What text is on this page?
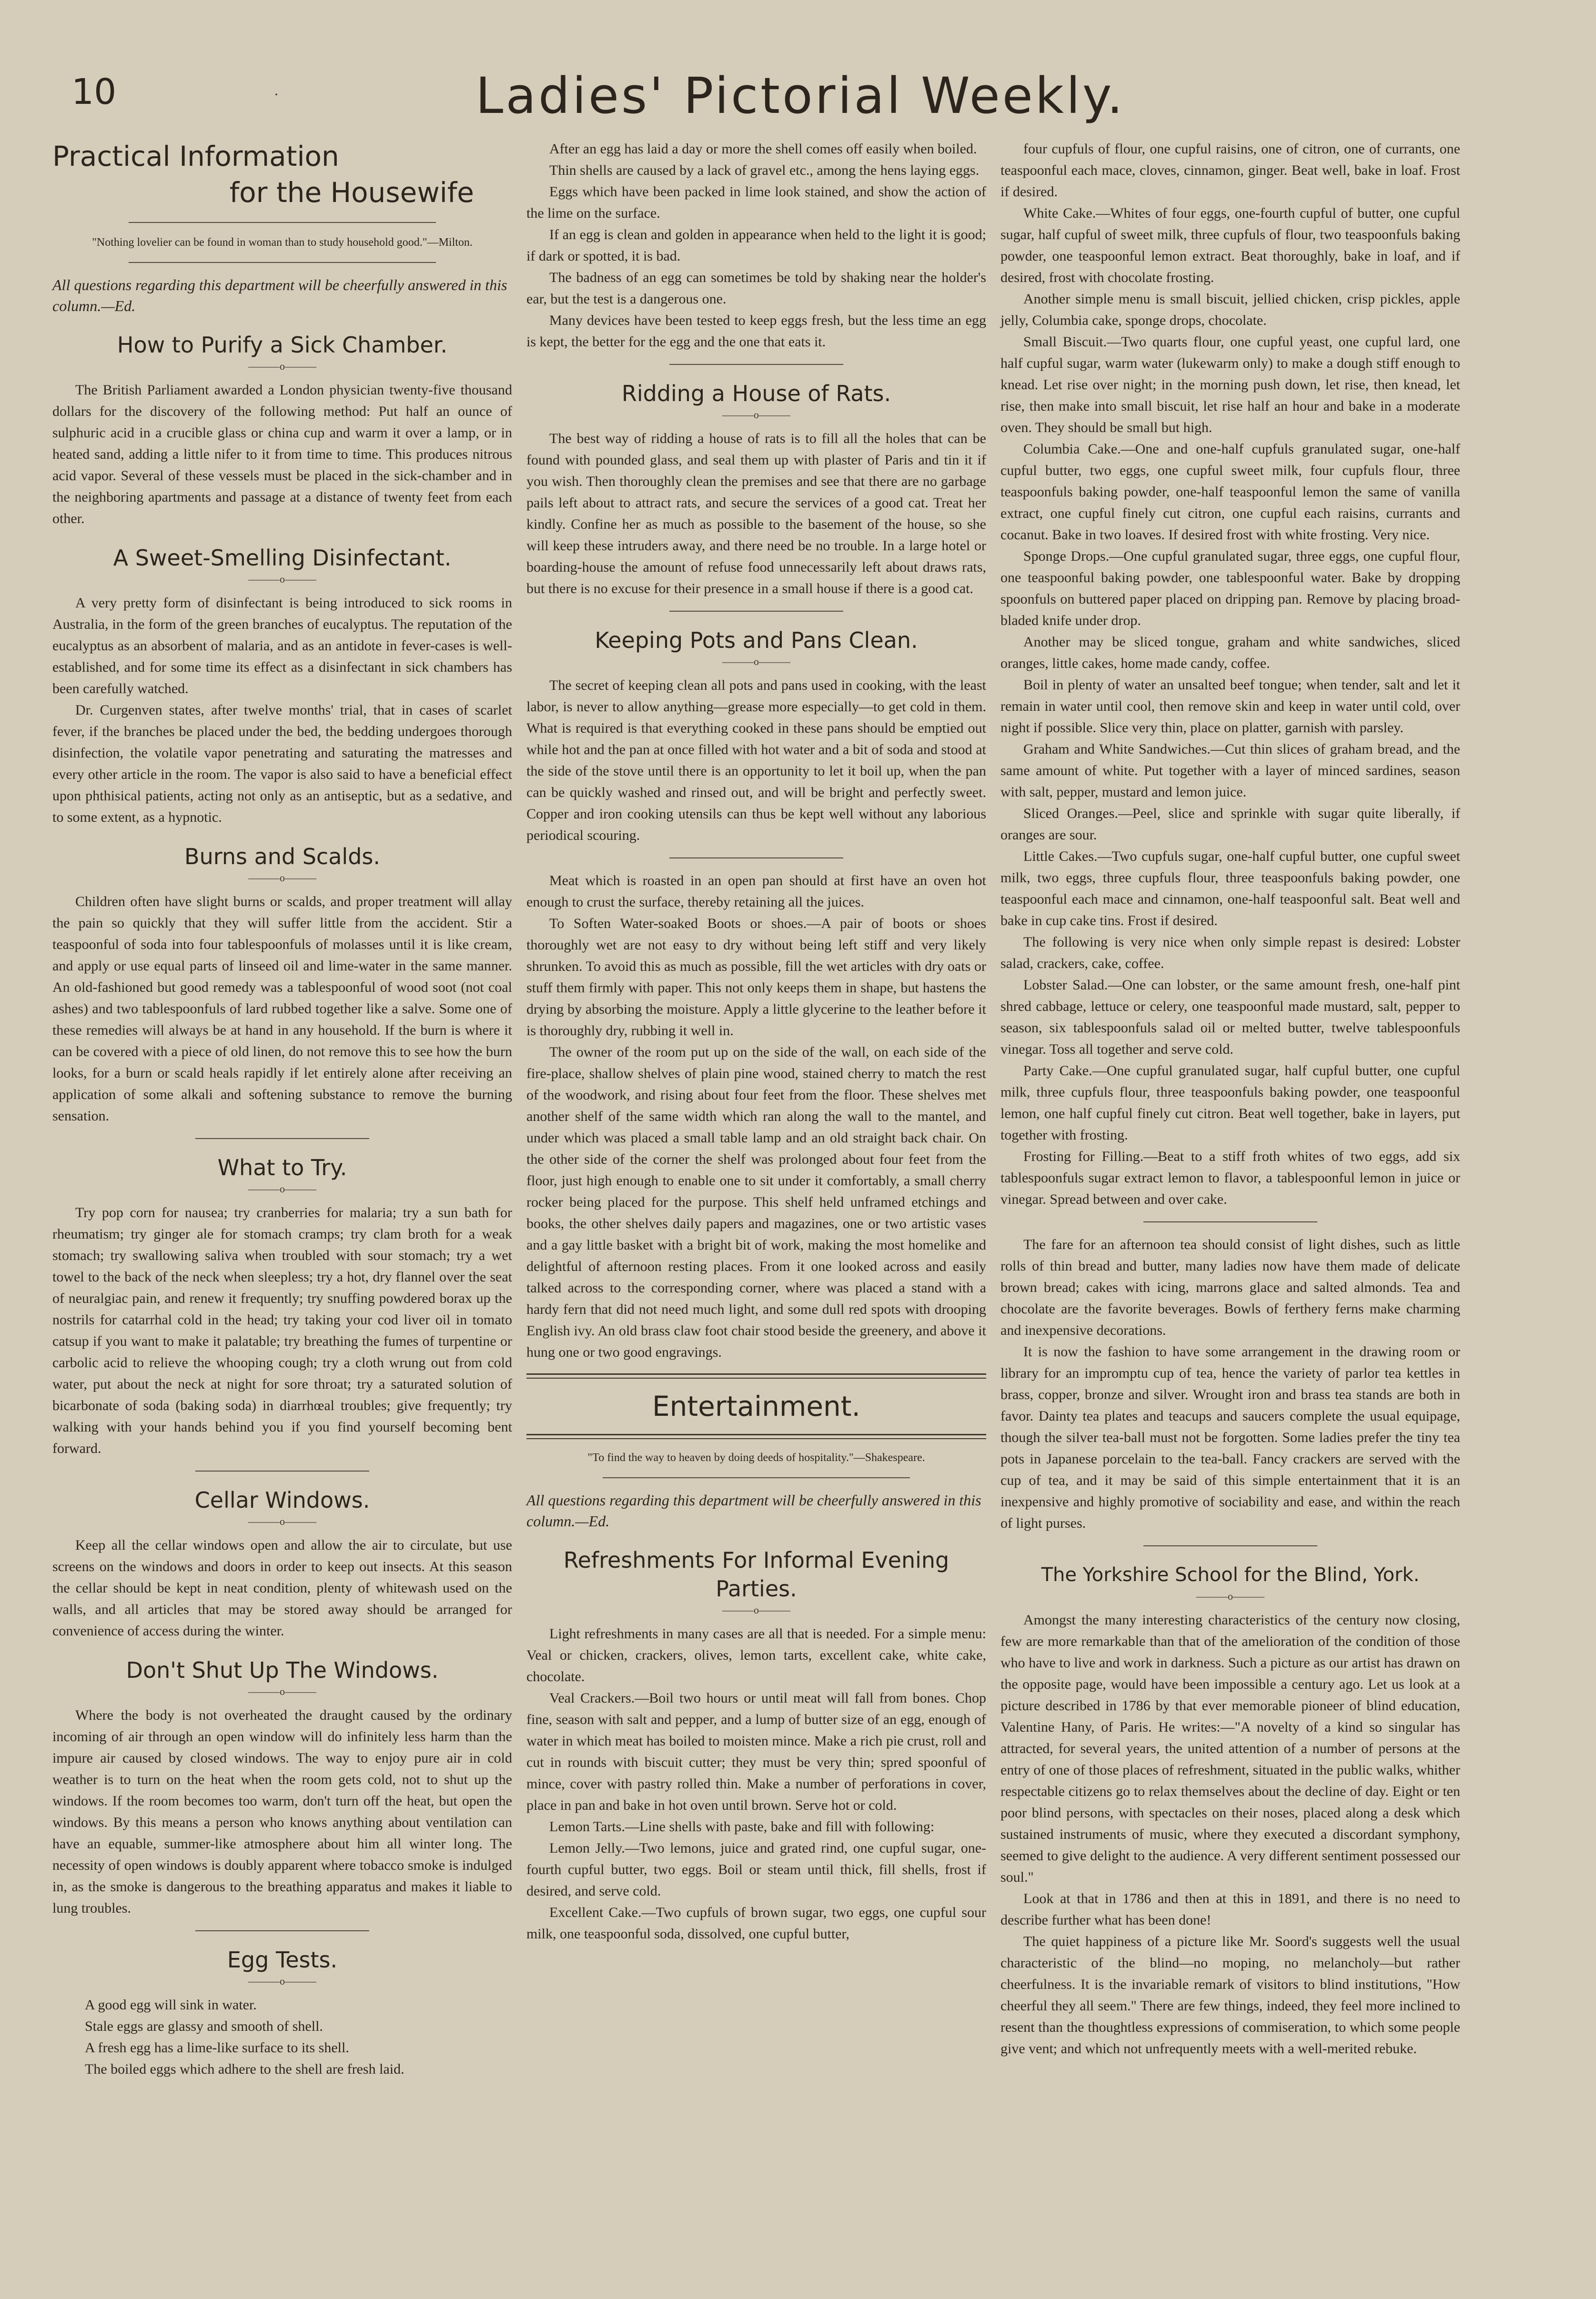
10	·	Ladies' Pictorial Weekly.
Practical Information
for the Housewife
"Nothing lovelier can be found in woman than to study household good."—Milton.
All questions regarding this department will be cheerfully answered in this column.—Ed.
How to Purify a Sick Chamber.
———o———

The British Parliament awarded a London physician twenty-five thousand dollars for the discovery of the following method: Put half an ounce of sulphuric acid in a crucible glass or china cup and warm it over a lamp, or in heated sand, adding a little nifer to it from time to time. This produces nitrous acid vapor. Several of these vessels must be placed in the sick-chamber and in the neighboring apartments and passage at a distance of twenty feet from each other.

A Sweet-Smelling Disinfectant.
———o———

A very pretty form of disinfectant is being introduced to sick rooms in Australia, in the form of the green branches of eucalyptus. The reputation of the eucalyptus as an absorbent of malaria, and as an antidote in fever-cases is well-established, and for some time its effect as a disinfectant in sick chambers has been carefully watched.

Dr. Curgenven states, after twelve months' trial, that in cases of scarlet fever, if the branches be placed under the bed, the bedding undergoes thorough disinfection, the volatile vapor penetrating and saturating the matresses and every other article in the room. The vapor is also said to have a beneficial effect upon phthisical patients, acting not only as an antiseptic, but as a sedative, and to some extent, as a hypnotic.

Burns and Scalds.
———o———

Children often have slight burns or scalds, and proper treatment will allay the pain so quickly that they will suffer little from the accident. Stir a teaspoonful of soda into four tablespoonfuls of molasses until it is like cream, and apply or use equal parts of linseed oil and lime-water in the same manner. An old-fashioned but good remedy was a tablespoonful of wood soot (not coal ashes) and two tablespoonfuls of lard rubbed together like a salve. Some one of these remedies will always be at hand in any household. If the burn is where it can be covered with a piece of old linen, do not remove this to see how the burn looks, for a burn or scald heals rapidly if let entirely alone after receiving an application of some alkali and softening substance to remove the burning sensation.

What to Try.
———o———

Try pop corn for nausea; try cranberries for malaria; try a sun bath for rheumatism; try ginger ale for stomach cramps; try clam broth for a weak stomach; try swallowing saliva when troubled with sour stomach; try a wet towel to the back of the neck when sleepless; try a hot, dry flannel over the seat of neuralgiac pain, and renew it frequently; try snuffing powdered borax up the nostrils for catarrhal cold in the head; try taking your cod liver oil in tomato catsup if you want to make it palatable; try breathing the fumes of turpentine or carbolic acid to relieve the whooping cough; try a cloth wrung out from cold water, put about the neck at night for sore throat; try a saturated solution of bicarbonate of soda (baking soda) in diarrhœal troubles; give frequently; try walking with your hands behind you if you find yourself becoming bent forward.

Cellar Windows.
———o———

Keep all the cellar windows open and allow the air to circulate, but use screens on the windows and doors in order to keep out insects. At this season the cellar should be kept in neat condition, plenty of whitewash used on the walls, and all articles that may be stored away should be arranged for convenience of access during the winter.

Don't Shut Up The Windows.
———o———

Where the body is not overheated the draught caused by the ordinary incoming of air through an open window will do infinitely less harm than the impure air caused by closed windows. The way to enjoy pure air in cold weather is to turn on the heat when the room gets cold, not to shut up the windows. If the room becomes too warm, don't turn off the heat, but open the windows. By this means a person who knows anything about ventilation can have an equable, summer-like atmosphere about him all winter long. The necessity of open windows is doubly apparent where tobacco smoke is indulged in, as the smoke is dangerous to the breathing apparatus and makes it liable to lung troubles.

Egg Tests.
———o———

A good egg will sink in water.

Stale eggs are glassy and smooth of shell.

A fresh egg has a lime-like surface to its shell.

The boiled eggs which adhere to the shell are fresh laid.

After an egg has laid a day or more the shell comes off easily when boiled.

Thin shells are caused by a lack of gravel etc., among the hens laying eggs.

Eggs which have been packed in lime look stained, and show the action of the lime on the surface.

If an egg is clean and golden in appearance when held to the light it is good; if dark or spotted, it is bad.

The badness of an egg can sometimes be told by shaking near the holder's ear, but the test is a dangerous one.

Many devices have been tested to keep eggs fresh, but the less time an egg is kept, the better for the egg and the one that eats it.

Ridding a House of Rats.
———o———

The best way of ridding a house of rats is to fill all the holes that can be found with pounded glass, and seal them up with plaster of Paris and tin it if you wish. Then thoroughly clean the premises and see that there are no garbage pails left about to attract rats, and secure the services of a good cat. Treat her kindly. Confine her as much as possible to the basement of the house, so she will keep these intruders away, and there need be no trouble. In a large hotel or boarding-house the amount of refuse food unnecessarily left about draws rats, but there is no excuse for their presence in a small house if there is a good cat.

Keeping Pots and Pans Clean.
———o———

The secret of keeping clean all pots and pans used in cooking, with the least labor, is never to allow anything—grease more especially—to get cold in them. What is required is that everything cooked in these pans should be emptied out while hot and the pan at once filled with hot water and a bit of soda and stood at the side of the stove until there is an opportunity to let it boil up, when the pan can be quickly washed and rinsed out, and will be bright and perfectly sweet. Copper and iron cooking utensils can thus be kept well without any laborious periodical scouring.

Meat which is roasted in an open pan should at first have an oven hot enough to crust the surface, thereby retaining all the juices.

To Soften Water-soaked Boots or shoes.—A pair of boots or shoes thoroughly wet are not easy to dry without being left stiff and very likely shrunken. To avoid this as much as possible, fill the wet articles with dry oats or stuff them firmly with paper. This not only keeps them in shape, but hastens the drying by absorbing the moisture. Apply a little glycerine to the leather before it is thoroughly dry, rubbing it well in.

The owner of the room put up on the side of the wall, on each side of the fire-place, shallow shelves of plain pine wood, stained cherry to match the rest of the woodwork, and rising about four feet from the floor. These shelves met another shelf of the same width which ran along the wall to the mantel, and under which was placed a small table lamp and an old straight back chair. On the other side of the corner the shelf was prolonged about four feet from the floor, just high enough to enable one to sit under it comfortably, a small cherry rocker being placed for the purpose. This shelf held unframed etchings and books, the other shelves daily papers and magazines, one or two artistic vases and a gay little basket with a bright bit of work, making the most homelike and delightful of afternoon resting places. From it one looked across and easily talked across to the corresponding corner, where was placed a stand with a hardy fern that did not need much light, and some dull red spots with drooping English ivy. An old brass claw foot chair stood beside the greenery, and above it hung one or two good engravings.

Entertainment.
"To find the way to heaven by doing deeds of hospitality."—Shakespeare.
All questions regarding this department will be cheerfully answered in this column.—Ed.
Refreshments For Informal Evening Parties.
———o———

Light refreshments in many cases are all that is needed. For a simple menu: Veal or chicken, crackers, olives, lemon tarts, excellent cake, white cake, chocolate.

Veal Crackers.—Boil two hours or until meat will fall from bones. Chop fine, season with salt and pepper, and a lump of butter size of an egg, enough of water in which meat has boiled to moisten mince. Make a rich pie crust, roll and cut in rounds with biscuit cutter; they must be very thin; spred spoonful of mince, cover with pastry rolled thin. Make a number of perforations in cover, place in pan and bake in hot oven until brown. Serve hot or cold.

Lemon Tarts.—Line shells with paste, bake and fill with following:

Lemon Jelly.—Two lemons, juice and grated rind, one cupful sugar, one-fourth cupful butter, two eggs. Boil or steam until thick, fill shells, frost if desired, and serve cold.

Excellent Cake.—Two cupfuls of brown sugar, two eggs, one cupful sour milk, one teaspoonful soda, dissolved, one cupful butter,

four cupfuls of flour, one cupful raisins, one of citron, one of currants, one teaspoonful each mace, cloves, cinnamon, ginger. Beat well, bake in loaf. Frost if desired.

White Cake.—Whites of four eggs, one-fourth cupful of butter, one cupful sugar, half cupful of sweet milk, three cupfuls of flour, two teaspoonfuls baking powder, one teaspoonful lemon extract. Beat thoroughly, bake in loaf, and if desired, frost with chocolate frosting.

Another simple menu is small biscuit, jellied chicken, crisp pickles, apple jelly, Columbia cake, sponge drops, chocolate.

Small Biscuit.—Two quarts flour, one cupful yeast, one cupful lard, one half cupful sugar, warm water (lukewarm only) to make a dough stiff enough to knead. Let rise over night; in the morning push down, let rise, then knead, let rise, then make into small biscuit, let rise half an hour and bake in a moderate oven. They should be small but high.

Columbia Cake.—One and one-half cupfuls granulated sugar, one-half cupful butter, two eggs, one cupful sweet milk, four cupfuls flour, three teaspoonfuls baking powder, one-half teaspoonful lemon the same of vanilla extract, one cupful finely cut citron, one cupful each raisins, currants and cocanut. Bake in two loaves. If desired frost with white frosting. Very nice.

Sponge Drops.—One cupful granulated sugar, three eggs, one cupful flour, one teaspoonful baking powder, one tablespoonful water. Bake by dropping spoonfuls on buttered paper placed on dripping pan. Remove by placing broad-bladed knife under drop.

Another may be sliced tongue, graham and white sandwiches, sliced oranges, little cakes, home made candy, coffee.

Boil in plenty of water an unsalted beef tongue; when tender, salt and let it remain in water until cool, then remove skin and keep in water until cold, over night if possible. Slice very thin, place on platter, garnish with parsley.

Graham and White Sandwiches.—Cut thin slices of graham bread, and the same amount of white. Put together with a layer of minced sardines, season with salt, pepper, mustard and lemon juice.

Sliced Oranges.—Peel, slice and sprinkle with sugar quite liberally, if oranges are sour.

Little Cakes.—Two cupfuls sugar, one-half cupful butter, one cupful sweet milk, two eggs, three cupfuls flour, three teaspoonfuls baking powder, one teaspoonful each mace and cinnamon, one-half teaspoonful salt. Beat well and bake in cup cake tins. Frost if desired.

The following is very nice when only simple repast is desired: Lobster salad, crackers, cake, coffee.

Lobster Salad.—One can lobster, or the same amount fresh, one-half pint shred cabbage, lettuce or celery, one teaspoonful made mustard, salt, pepper to season, six tablespoonfuls salad oil or melted butter, twelve tablespoonfuls vinegar. Toss all together and serve cold.

Party Cake.—One cupful granulated sugar, half cupful butter, one cupful milk, three cupfuls flour, three teaspoonfuls baking powder, one teaspoonful lemon, one half cupful finely cut citron. Beat well together, bake in layers, put together with frosting.

Frosting for Filling.—Beat to a stiff froth whites of two eggs, add six tablespoonfuls sugar extract lemon to flavor, a tablespoonful lemon in juice or vinegar. Spread between and over cake.

The fare for an afternoon tea should consist of light dishes, such as little rolls of thin bread and butter, many ladies now have them made of delicate brown bread; cakes with icing, marrons glace and salted almonds. Tea and chocolate are the favorite beverages. Bowls of ferthery ferns make charming and inexpensive decorations.

It is now the fashion to have some arrangement in the drawing room or library for an impromptu cup of tea, hence the variety of parlor tea kettles in brass, copper, bronze and silver. Wrought iron and brass tea stands are both in favor. Dainty tea plates and teacups and saucers complete the usual equipage, though the silver tea-ball must not be forgotten. Some ladies prefer the tiny tea pots in Japanese porcelain to the tea-ball. Fancy crackers are served with the cup of tea, and it may be said of this simple entertainment that it is an inexpensive and highly promotive of sociability and ease, and within the reach of light purses.

The Yorkshire School for the Blind, York.
———o———

Amongst the many interesting characteristics of the century now closing, few are more remarkable than that of the amelioration of the condition of those who have to live and work in darkness. Such a picture as our artist has drawn on the opposite page, would have been impossible a century ago. Let us look at a picture described in 1786 by that ever memorable pioneer of blind education, Valentine Hany, of Paris. He writes:—"A novelty of a kind so singular has attracted, for several years, the united attention of a number of persons at the entry of one of those places of refreshment, situated in the public walks, whither respectable citizens go to relax themselves about the decline of day. Eight or ten poor blind persons, with spectacles on their noses, placed along a desk which sustained instruments of music, where they executed a discordant symphony, seemed to give delight to the audience. A very different sentiment possessed our soul."

Look at that in 1786 and then at this in 1891, and there is no need to describe further what has been done!

The quiet happiness of a picture like Mr. Soord's suggests well the usual characteristic of the blind—no moping, no melancholy—but rather cheerfulness. It is the invariable remark of visitors to blind institutions, "How cheerful they all seem." There are few things, indeed, they feel more inclined to resent than the thoughtless expressions of commiseration, to which some people give vent; and which not unfrequently meets with a well-merited rebuke.
